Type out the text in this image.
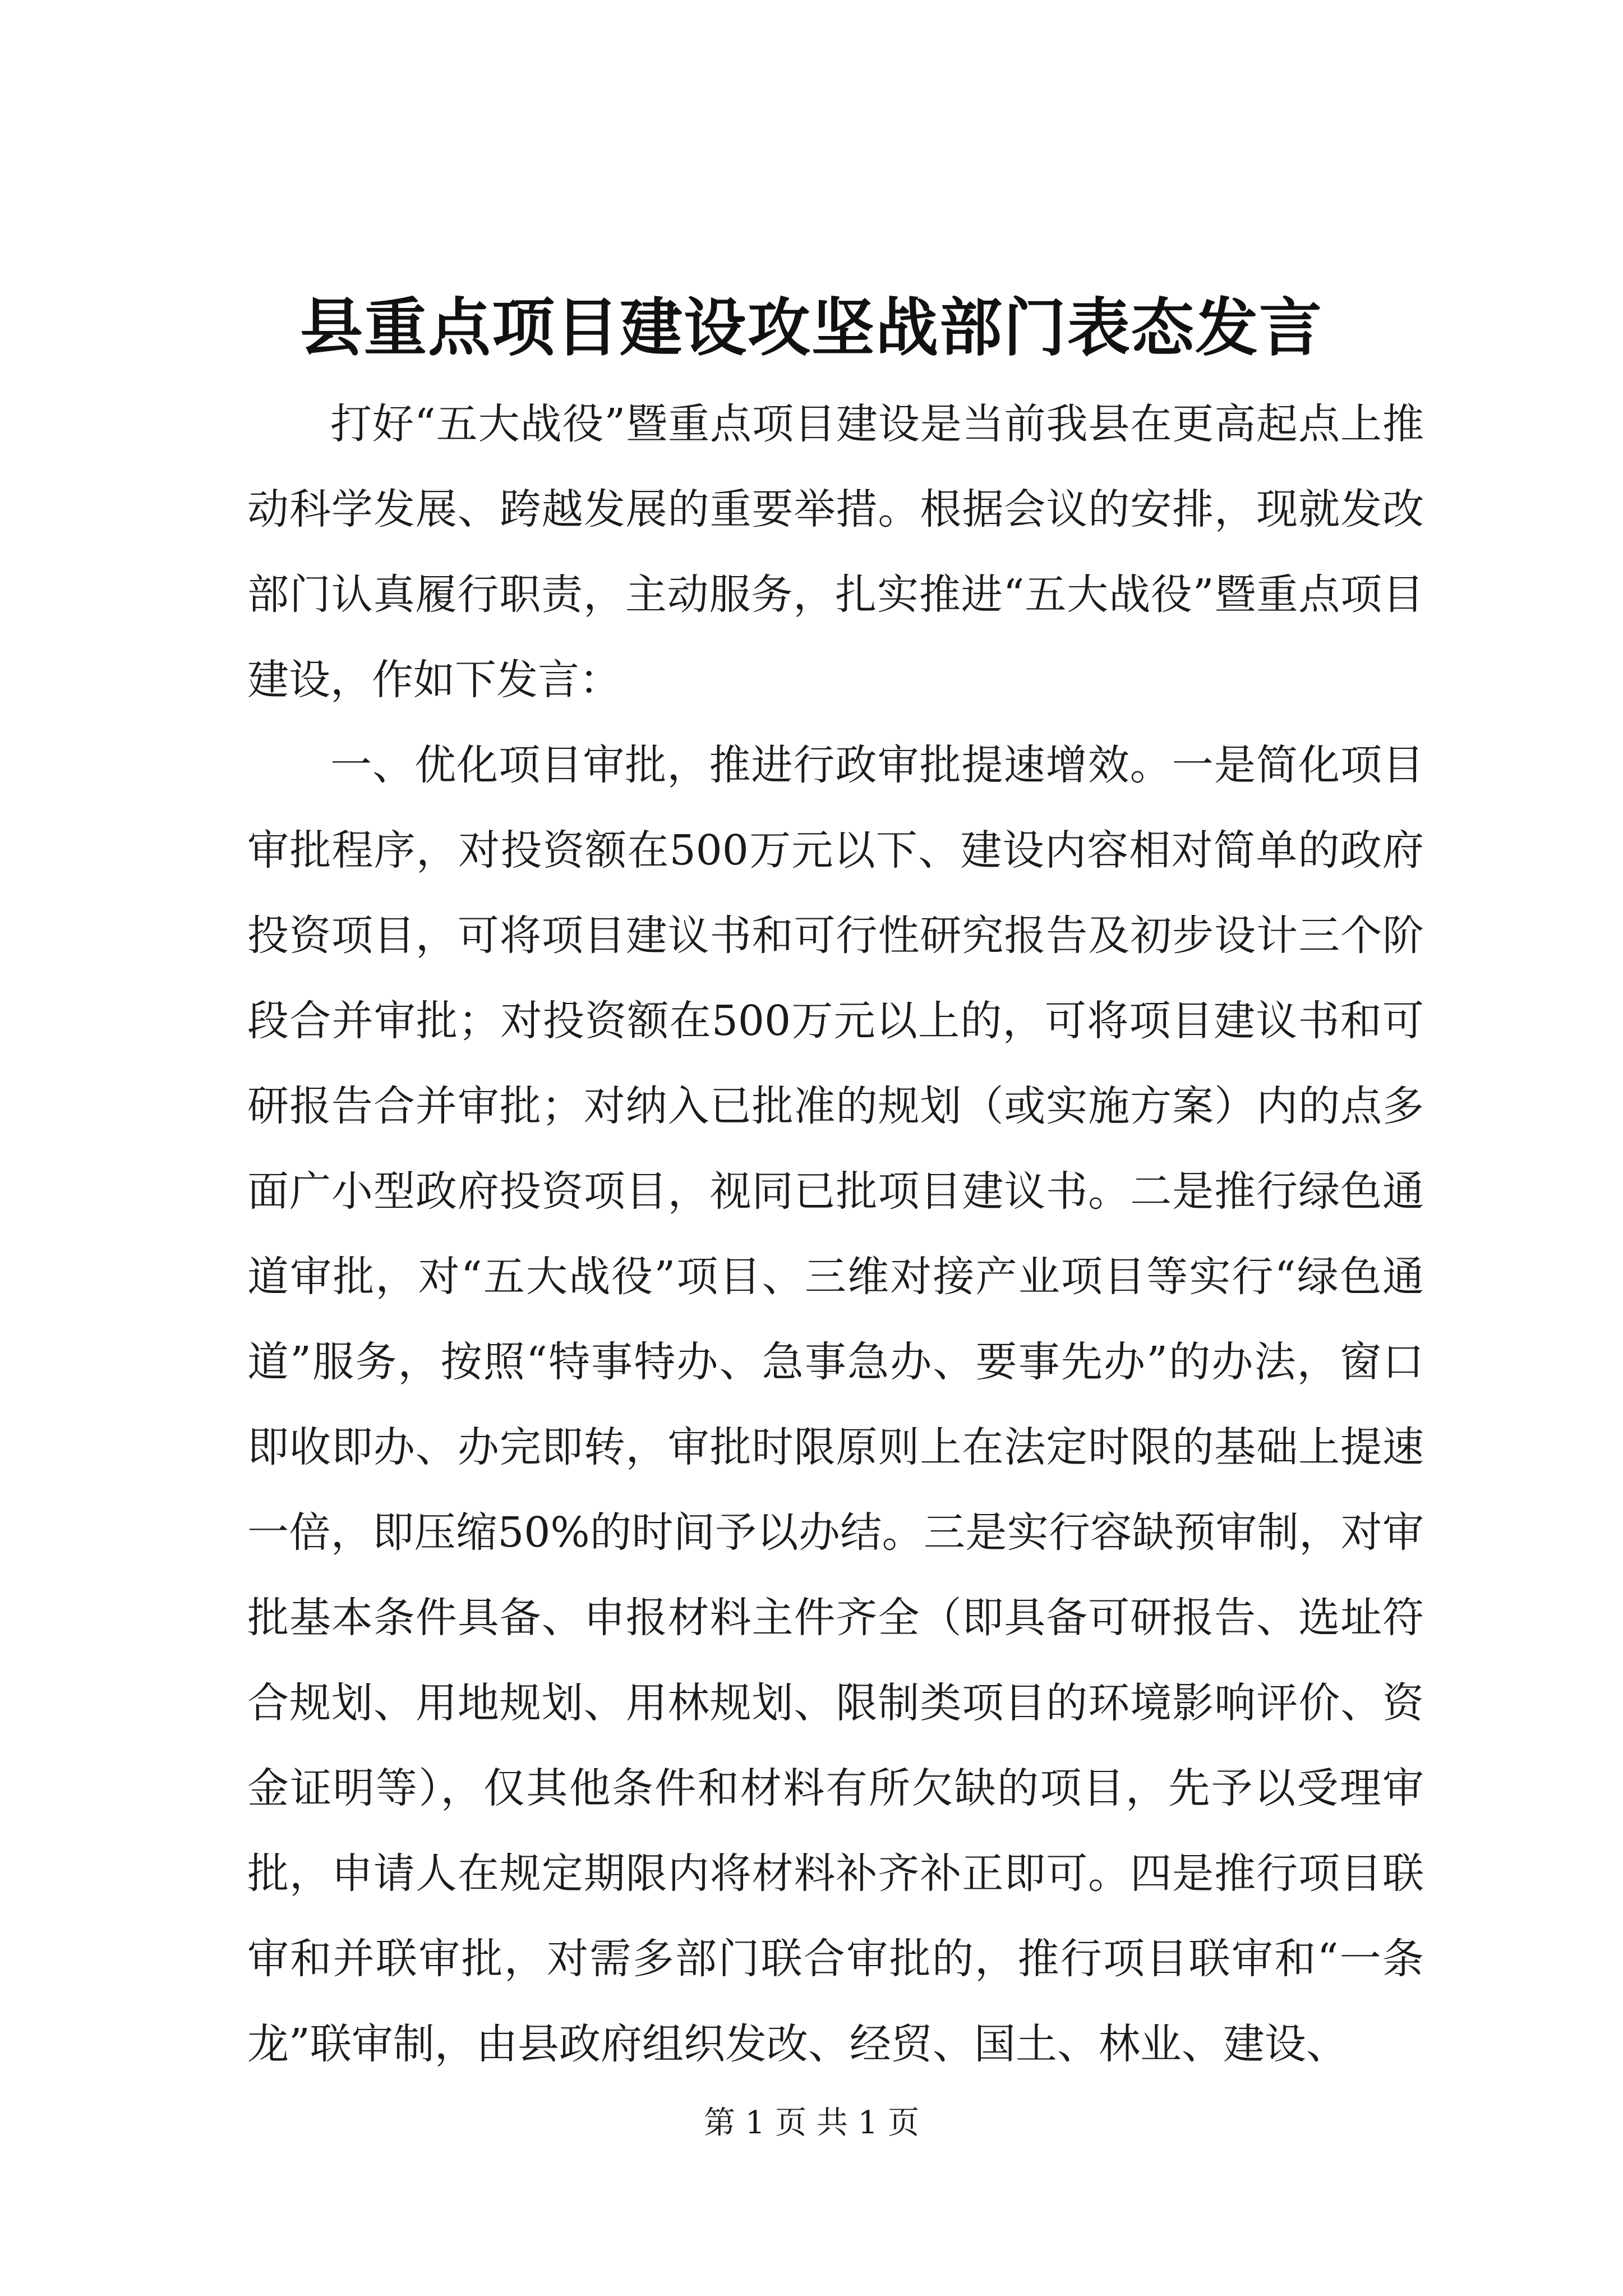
县重点项目建设攻坚战部门表态发言

打好“五大战役”暨重点项目建设是当前我县在更高起点上推动科学发展、跨越发展的重要举措。根据会议的安排，现就发改部门认真履行职责，主动服务，扎实推进“五大战役”暨重点项目建设，作如下发言：

一、优化项目审批，推进行政审批提速增效。一是简化项目审批程序，对投资额在500万元以下、建设内容相对简单的政府投资项目，可将项目建议书和可行性研究报告及初步设计三个阶段合并审批；对投资额在500万元以上的，可将项目建议书和可研报告合并审批；对纳入已批准的规划（或实施方案）内的点多面广小型政府投资项目，视同已批项目建议书。二是推行绿色通道审批，对“五大战役”项目、三维对接产业项目等实行“绿色通道”服务，按照“特事特办、急事急办、要事先办”的办法，窗口即收即办、办完即转，审批时限原则上在法定时限的基础上提速一倍，即压缩50%的时间予以办结。三是实行容缺预审制，对审批基本条件具备、申报材料主件齐全（即具备可研报告、选址符合规划、用地规划、用林规划、限制类项目的环境影响评价、资金证明等），仅其他条件和材料有所欠缺的项目，先予以受理审批，申请人在规定期限内将材料补齐补正即可。四是推行项目联审和并联审批，对需多部门联合审批的，推行项目联审和“一条龙”联审制，由县政府组织发改、经贸、国土、林业、建设、

第 1 页 共 1 页
